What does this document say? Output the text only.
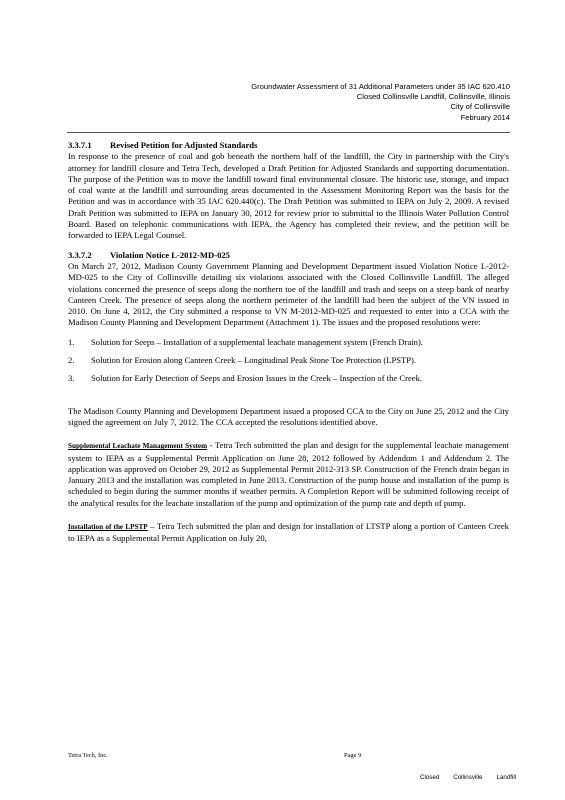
Groundwater Assessment of 31 Additional Parameters under 35 IAC 620.410
Closed Collinsville Landfill, Collinsville, Illinois
City of Collinsville
February 2014

3.3.7.1 Revised Petition for Adjusted Standards

In response to the presence of coal and gob beneath the northern half of the landfill, the City in partnership with the City's attorney for landfill closure and Tetra Tech, developed a Draft Petition for Adjusted Standards and supporting documentation. The purpose of the Petition was to move the landfill toward final environmental closure. The historic use, storage, and impact of coal waste at the landfill and surrounding areas documented in the Assessment Monitoring Report was the basis for the Petition and was in accordance with 35 IAC 620.440(c). The Draft Petition was submitted to IEPA on July 2, 2009. A revised Draft Petition was submitted to IEPA on January 30, 2012 for review prior to submittal to the Illinois Water Pollution Control Board. Based on telephonic communications with IEPA, the Agency has completed their review, and the petition will be forwarded to IEPA Legal Counsel.

3.3.7.2 Violation Notice L-2012-MD-025

On March 27, 2012, Madison County Government Planning and Development Department issued Violation Notice L-2012-MD-025 to the City of Collinsville detailing six violations associated with the Closed Collinsville Landfill. The alleged violations concerned the presence of seeps along the northern toe of the landfill and trash and seeps on a steep bank of nearby Canteen Creek. The presence of seeps along the northern perimeter of the landfill had been the subject of the VN issued in 2010. On June 4, 2012, the City submitted a response to VN M-2012-MD-025 and requested to enter into a CCA with the Madison County Planning and Development Department (Attachment 1). The issues and the proposed resolutions were:

1. Solution for Seeps – Installation of a supplemental leachate management system (French Drain).
2. Solution for Erosion along Canteen Creek – Longitudinal Peak Stone Toe Protection (LPSTP).
3. Solution for Early Detection of Seeps and Erosion Issues in the Creek – Inspection of the Creek.

The Madison County Planning and Development Department issued a proposed CCA to the City on June 25, 2012 and the City signed the agreement on July 7, 2012. The CCA accepted the resolutions identified above.

Supplemental Leachate Management System - Tetra Tech submitted the plan and design for the supplemental leachate management system to IEPA as a Supplemental Permit Application on June 28, 2012 followed by Addendum 1 and Addendum 2. The application was approved on October 29, 2012 as Supplemental Permit 2012-313 SP. Construction of the French drain began in January 2013 and the installation was completed in June 2013. Construction of the pump house and installation of the pump is scheduled to begin during the summer months if weather permits. A Completion Report will be submitted following receipt of the analytical results for the leachate installation of the pump and optimization of the pump rate and depth of pump.

Installation of the LPSTP – Tetra Tech submitted the plan and design for installation of LTSTP along a portion of Canteen Creek to IEPA as a Supplemental Permit Application on July 20,

Tetra Tech, Inc.	Page 9
Closed Collinsville Landfill
